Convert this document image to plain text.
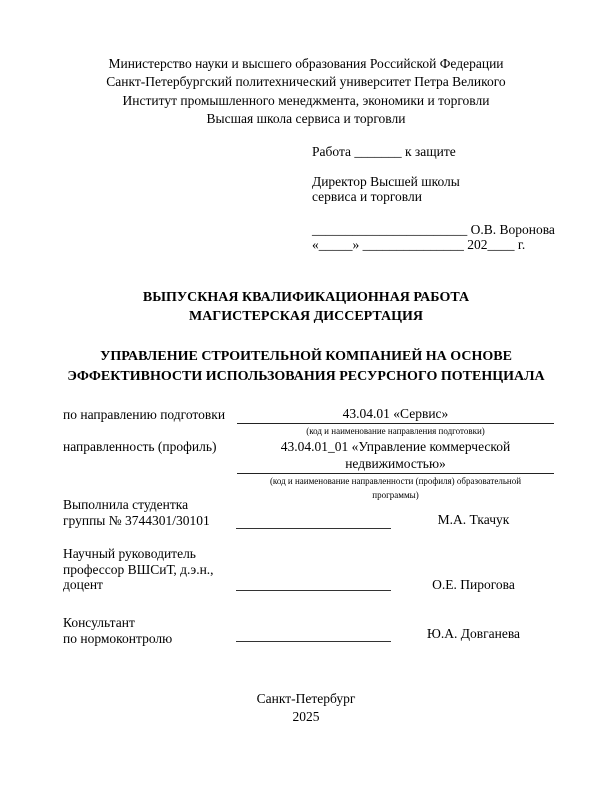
Министерство науки и высшего образования Российской Федерации
Санкт-Петербургский политехнический университет Петра Великого
Институт промышленного менеджмента, экономики и торговли
Высшая школа сервиса и торговли
Работа _______ к защите
Директор Высшей школы
сервиса и торговли
_______________________ О.В. Воронова
«_____» _______________ 202____ г.
ВЫПУСКНАЯ КВАЛИФИКАЦИОННАЯ РАБОТА
МАГИСТЕРСКАЯ ДИССЕРТАЦИЯ
УПРАВЛЕНИЕ СТРОИТЕЛЬНОЙ КОМПАНИЕЙ НА ОСНОВЕ
ЭФФЕКТИВНОСТИ ИСПОЛЬЗОВАНИЯ РЕСУРСНОГО ПОТЕНЦИАЛА
по направлению подготовки	43.04.01 «Сервис»
(код и наименование направления подготовки)
направленность (профиль)	43.04.01_01 «Управление коммерческой
недвижимостью»
(код и наименование направленности (профиля) образовательной
программы)
Выполнила студентка
группы № 3744301/30101	М.А. Ткачук
Научный руководитель
профессор ВШСиТ, д.э.н.,
доцент	О.Е. Пирогова
Консультант
по нормоконтролю	Ю.А. Довганева
Санкт-Петербург
2025
